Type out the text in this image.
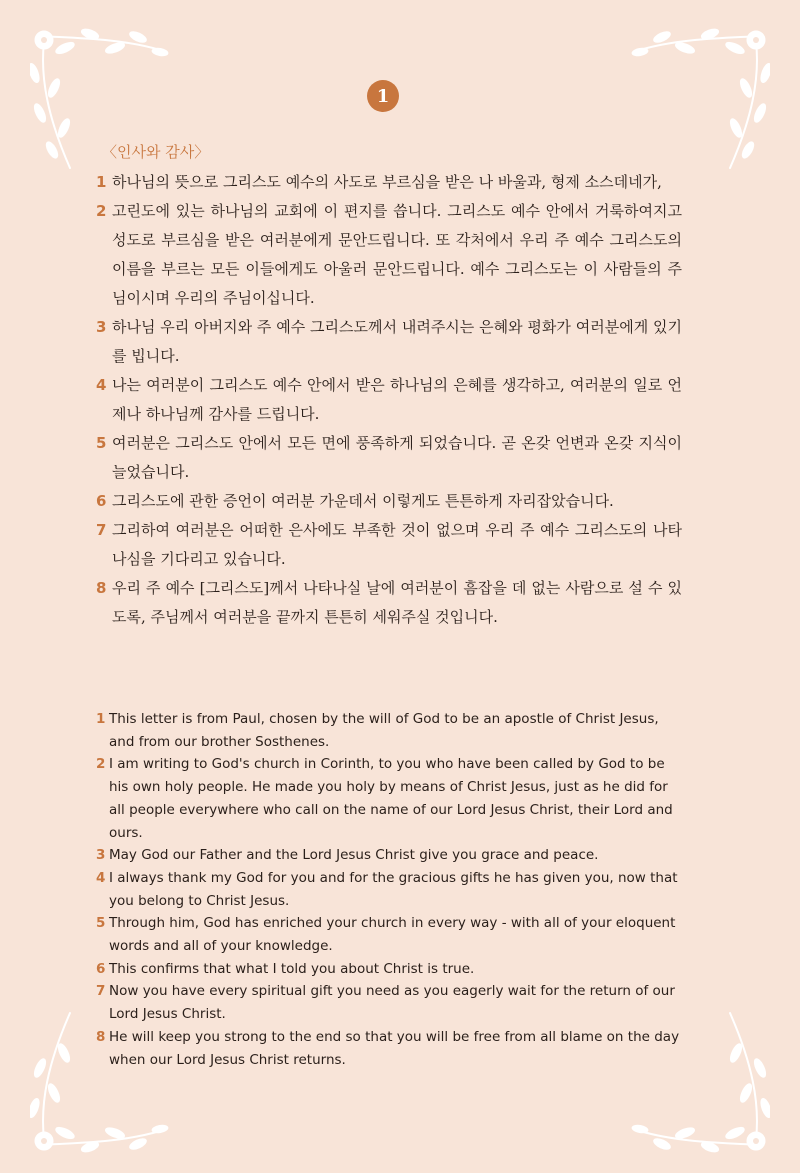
1
〈인사와 감사〉
1 하나님의 뜻으로 그리스도 예수의 사도로 부르심을 받은 나 바울과, 형제 소스데네가,
2 고린도에 있는 하나님의 교회에 이 편지를 씁니다. 그리스도 예수 안에서 거룩하여지고 성도로 부르심을 받은 여러분에게 문안드립니다. 또 각처에서 우리 주 예수 그리스도의 이름을 부르는 모든 이들에게도 아울러 문안드립니다. 예수 그리스도는 이 사람들의 주님이시며 우리의 주님이십니다.
3 하나님 우리 아버지와 주 예수 그리스도께서 내려주시는 은혜와 평화가 여러분에게 있기를 빕니다.
4 나는 여러분이 그리스도 예수 안에서 받은 하나님의 은혜를 생각하고, 여러분의 일로 언제나 하나님께 감사를 드립니다.
5 여러분은 그리스도 안에서 모든 면에 풍족하게 되었습니다. 곧 온갖 언변과 온갖 지식이 늘었습니다.
6 그리스도에 관한 증언이 여러분 가운데서 이렇게도 튼튼하게 자리잡았습니다.
7 그리하여 여러분은 어떠한 은사에도 부족한 것이 없으며 우리 주 예수 그리스도의 나타나심을 기다리고 있습니다.
8 우리 주 예수 [그리스도]께서 나타나실 날에 여러분이 흠잡을 데 없는 사람으로 설 수 있도록, 주님께서 여러분을 끝까지 튼튼히 세워주실 것입니다.
1 This letter is from Paul, chosen by the will of God to be an apostle of Christ Jesus, and from our brother Sosthenes.
2 I am writing to God's church in Corinth, to you who have been called by God to be his own holy people. He made you holy by means of Christ Jesus, just as he did for all people everywhere who call on the name of our Lord Jesus Christ, their Lord and ours.
3 May God our Father and the Lord Jesus Christ give you grace and peace.
4 I always thank my God for you and for the gracious gifts he has given you, now that you belong to Christ Jesus.
5 Through him, God has enriched your church in every way - with all of your eloquent words and all of your knowledge.
6 This confirms that what I told you about Christ is true.
7 Now you have every spiritual gift you need as you eagerly wait for the return of our Lord Jesus Christ.
8 He will keep you strong to the end so that you will be free from all blame on the day when our Lord Jesus Christ returns.
